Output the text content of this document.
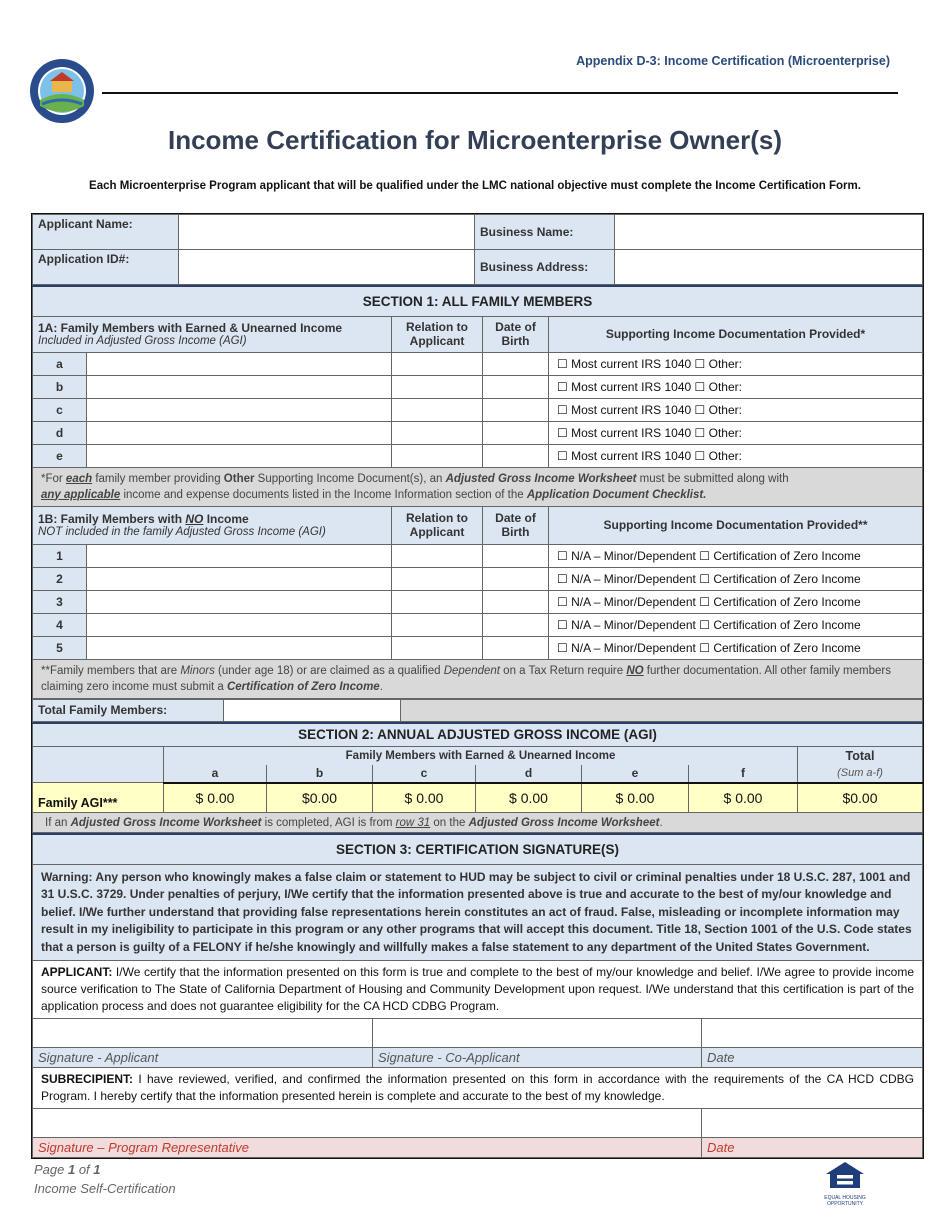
Appendix D-3: Income Certification (Microenterprise)
Income Certification for Microenterprise Owner(s)
Each Microenterprise Program applicant that will be qualified under the LMC national objective must complete the Income Certification Form.
Applicant Name:		Business Name:	
Application ID#:		Business Address:	
SECTION 1: ALL FAMILY MEMBERS				

1A: Family Members with Earned & Unearned Income
Included in Adjusted Gross Income (AGI)		Relation to Applicant	Date of Birth	Supporting Income Documentation Provided*
a				☐ Most current IRS 1040 ☐ Other:
b				☐ Most current IRS 1040 ☐ Other:
c				☐ Most current IRS 1040 ☐ Other:
d				☐ Most current IRS 1040 ☐ Other:
e				☐ Most current IRS 1040 ☐ Other:
*For each family member providing Other Supporting Income Document(s), an Adjusted Gross Income Worksheet must be submitted along with
any applicable income and expense documents listed in the Income Information section of the Application Document Checklist.				

1B: Family Members with NO Income
NOT included in the family Adjusted Gross Income (AGI)		Relation to Applicant	Date of Birth	Supporting Income Documentation Provided**
1				☐ N/A – Minor/Dependent ☐ Certification of Zero Income
2				☐ N/A – Minor/Dependent ☐ Certification of Zero Income
3				☐ N/A – Minor/Dependent ☐ Certification of Zero Income
4				☐ N/A – Minor/Dependent ☐ Certification of Zero Income
5				☐ N/A – Minor/Dependent ☐ Certification of Zero Income
**Family members that are Minors (under age 18) or are claimed as a qualified Dependent on a Tax Return require NO further documentation. All other family members claiming zero income must submit a Certification of Zero Income.				
Total Family Members:		
SECTION 2: ANNUAL ADJUSTED GROSS INCOME (AGI)							
	Family Members with Earned & Unearned Income						Total
	a	b	c	d	e	f	(Sum a-f)
Family AGI***	$ 0.00	$0.00	$ 0.00	$ 0.00	$ 0.00	$ 0.00	$0.00
If an Adjusted Gross Income Worksheet is completed, AGI is from row 31 on the Adjusted Gross Income Worksheet.							
SECTION 3: CERTIFICATION SIGNATURE(S)		
Warning: Any person who knowingly makes a false claim or statement to HUD may be subject to civil or criminal penalties under 18 U.S.C. 287, 1001 and 31 U.S.C. 3729. Under penalties of perjury, I/We certify that the information presented above is true and accurate to the best of my/our knowledge and belief. I/We further understand that providing false representations herein constitutes an act of fraud. False, misleading or incomplete information may result in my ineligibility to participate in this program or any other programs that will accept this document. Title 18, Section 1001 of the U.S. Code states that a person is guilty of a FELONY if he/she knowingly and willfully makes a false statement to any department of the United States Government.		
APPLICANT: I/We certify that the information presented on this form is true and complete to the best of my/our knowledge and belief. I/We agree to provide income source verification to The State of California Department of Housing and Community Development upon request. I/We understand that this certification is part of the application process and does not guarantee eligibility for the CA HCD CDBG Program.		

Signature - Applicant	Signature - Co-Applicant	Date
SUBRECIPIENT: I have reviewed, verified, and confirmed the information presented on this form in accordance with the requirements of the CA HCD CDBG Program. I hereby certify that the information presented herein is complete and accurate to the best of my knowledge.		

Signature – Program Representative		Date
Page 1 of 1
Income Self-Certification
EQUAL HOUSING
OPPORTUNITY
